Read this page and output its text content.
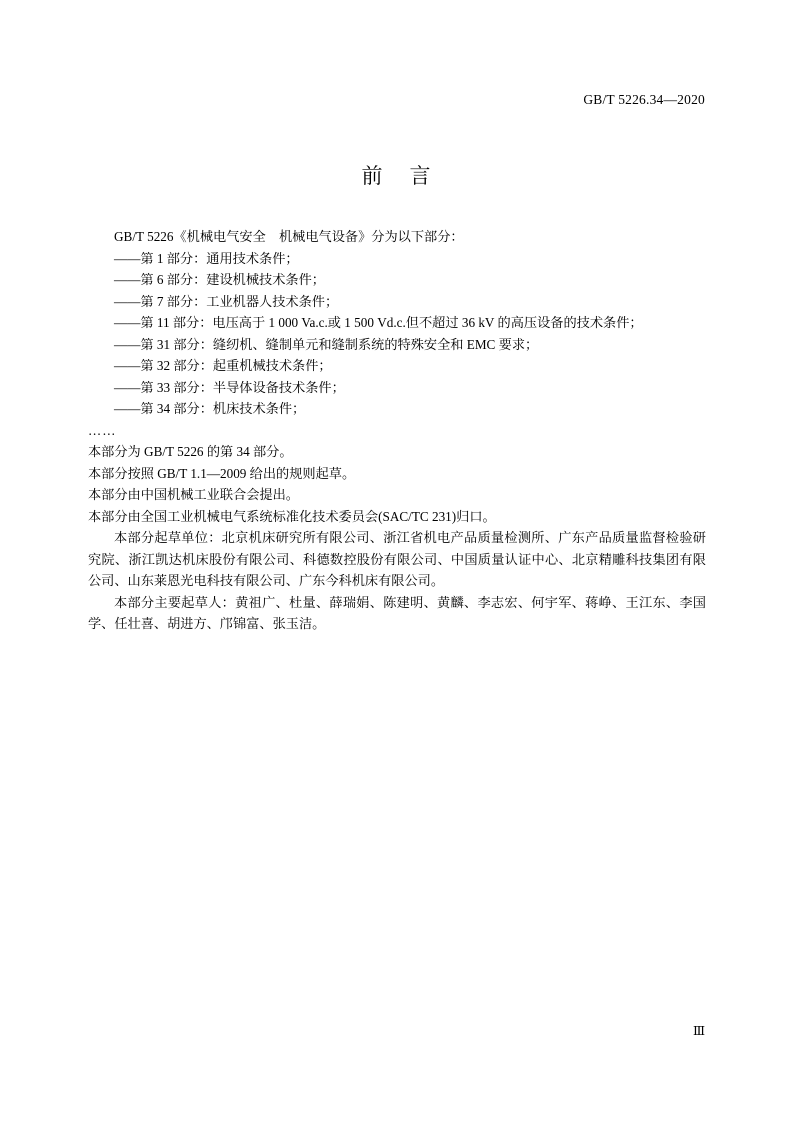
GB/T 5226.34—2020
前 言

GB/T 5226《机械电气安全　机械电气设备》分为以下部分：

——第 1 部分：通用技术条件；

——第 6 部分：建设机械技术条件；

——第 7 部分：工业机器人技术条件；

——第 11 部分：电压高于 1 000 Va.c.或 1 500 Vd.c.但不超过 36 kV 的高压设备的技术条件；

——第 31 部分：缝纫机、缝制单元和缝制系统的特殊安全和 EMC 要求；

——第 32 部分：起重机械技术条件；

——第 33 部分：半导体设备技术条件；

——第 34 部分：机床技术条件；

……

本部分为 GB/T 5226 的第 34 部分。

本部分按照 GB/T 1.1—2009 给出的规则起草。

本部分由中国机械工业联合会提出。

本部分由全国工业机械电气系统标准化技术委员会(SAC/TC 231)归口。

本部分起草单位：北京机床研究所有限公司、浙江省机电产品质量检测所、广东产品质量监督检验研究院、浙江凯达机床股份有限公司、科德数控股份有限公司、中国质量认证中心、北京精雕科技集团有限公司、山东莱恩光电科技有限公司、广东今科机床有限公司。

本部分主要起草人：黄祖广、杜量、薛瑞娟、陈建明、黄麟、李志宏、何宇军、蒋峥、王江东、李国学、任壮喜、胡进方、邝锦富、张玉洁。

Ⅲ
